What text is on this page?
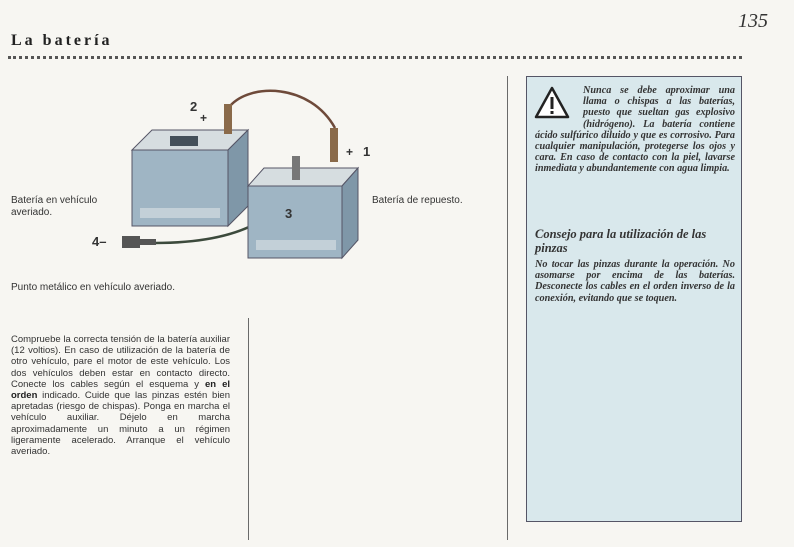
135
La batería
2
+
1
+
3
4–
Batería en vehículo averiado.
Batería de repuesto.
Punto metálico en vehículo averiado.
Compruebe la correcta tensión de la batería auxiliar (12 voltios). En caso de utilización de la batería de otro vehículo, pare el motor de este vehículo. Los dos vehículos deben estar en contacto directo. Conecte los cables según el esquema y en el orden indicado. Cuide que las pinzas estén bien apretadas (riesgo de chispas). Ponga en marcha el vehículo auxiliar. Déjelo en marcha aproximadamente un minuto a un régimen ligeramente acelerado. Arranque el vehículo averiado.
Nunca se debe aproximar una llama o chispas a las baterías, puesto que sueltan gas explosivo (hidrógeno). La batería contiene ácido sulfúrico diluido y que es corrosivo. Para cualquier manipulación, protegerse los ojos y cara. En caso de contacto con la piel, lavarse inmediata y abundantemente con agua limpia.
Consejo para la utilización de las pinzas
No tocar las pinzas durante la operación. No asomarse por encima de las baterías. Desconecte los cables en el orden inverso de la conexión, evitando que se toquen.
